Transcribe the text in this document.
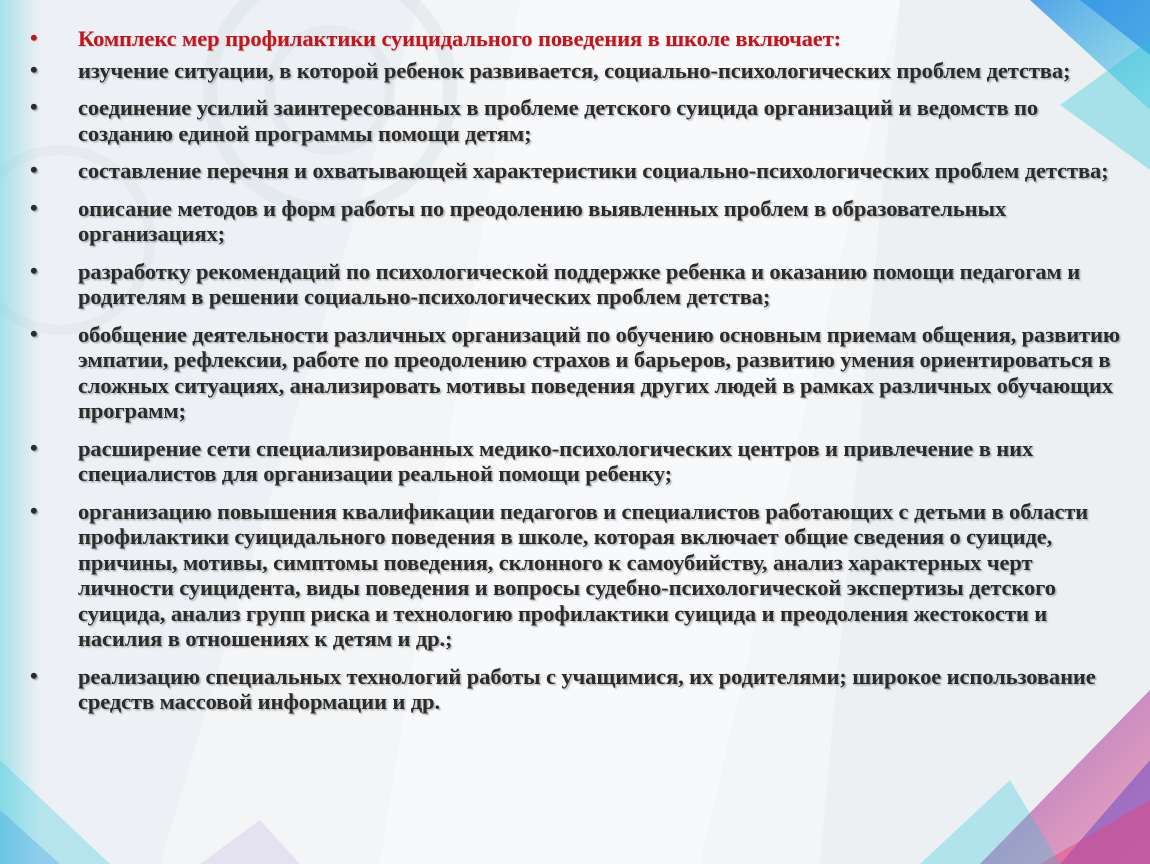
• Комплекс мер профилактики суицидального поведения в школе включает:
• изучение ситуации, в которой ребенок развивается, социально-психологических проблем детства;
• соединение усилий заинтересованных в проблеме детского суицида организаций и ведомств по созданию единой программы помощи детям;
• составление перечня и охватывающей характеристики социально-психологических проблем детства;
• описание методов и форм работы по преодолению выявленных проблем в образовательных организациях;
• разработку рекомендаций по психологической поддержке ребенка и оказанию помощи педагогам и родителям в решении социально-психологических проблем детства;
• обобщение деятельности различных организаций по обучению основным приемам общения, развитию эмпатии, рефлексии, работе по преодолению страхов и барьеров, развитию умения ориентироваться в сложных ситуациях, анализировать мотивы поведения других людей в рамках различных обучающих программ;
• расширение сети специализированных медико-психологических центров и привлечение в них специалистов для организации реальной помощи ребенку;
• организацию повышения квалификации педагогов и специалистов работающих с детьми в области профилактики суицидального поведения в школе, которая включает общие сведения о суициде, причины, мотивы, симптомы поведения, склонного к самоубийству, анализ характерных черт личности суицидента, виды поведения и вопросы судебно-психологической экспертизы детского суицида, анализ групп риска и технологию профилактики суицида и преодоления жестокости и насилия в отношениях к детям и др.;
• реализацию специальных технологий работы с учащимися, их родителями; широкое использование средств массовой информации и др.
